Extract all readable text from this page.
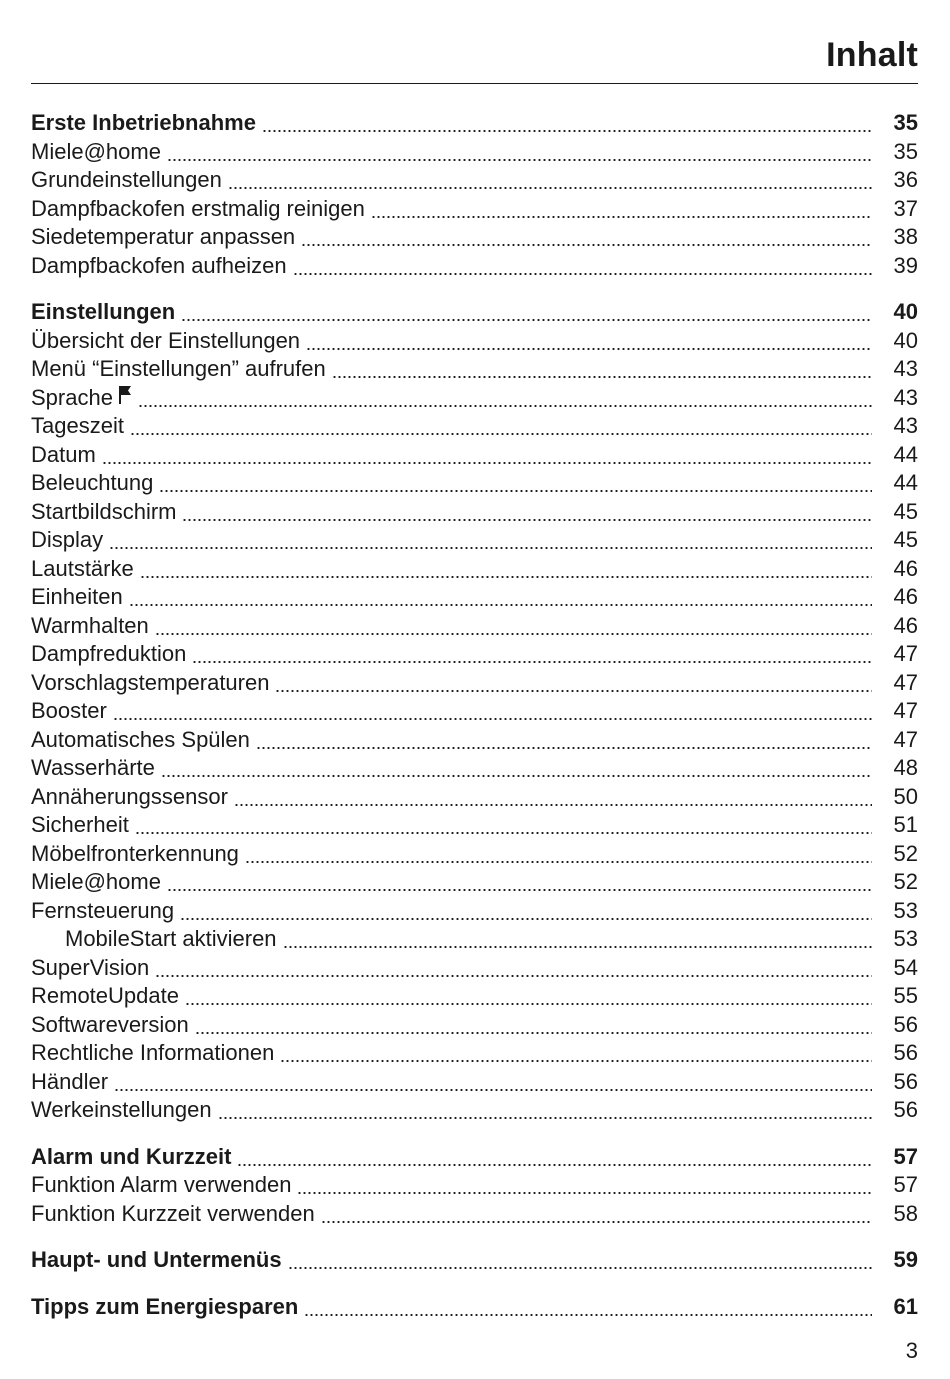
Inhalt
Erste Inbetriebnahme	35
Miele@home	35
Grundeinstellungen	36
Dampfbackofen erstmalig reinigen	37
Siedetemperatur anpassen	38
Dampfbackofen aufheizen	39
Einstellungen	40
Übersicht der Einstellungen	40
Menü “Einstellungen” aufrufen	43
Sprache	43
Tageszeit	43
Datum	44
Beleuchtung	44
Startbildschirm	45
Display	45
Lautstärke	46
Einheiten	46
Warmhalten	46
Dampfreduktion	47
Vorschlagstemperaturen	47
Booster	47
Automatisches Spülen	47
Wasserhärte	48
Annäherungssensor	50
Sicherheit	51
Möbelfronterkennung	52
Miele@home	52
Fernsteuerung	53
MobileStart aktivieren	53
SuperVision	54
RemoteUpdate	55
Softwareversion	56
Rechtliche Informationen	56
Händler	56
Werkeinstellungen	56
Alarm und Kurzzeit	57
Funktion Alarm verwenden	57
Funktion Kurzzeit verwenden	58
Haupt- und Untermenüs	59
Tipps zum Energiesparen	61
3
